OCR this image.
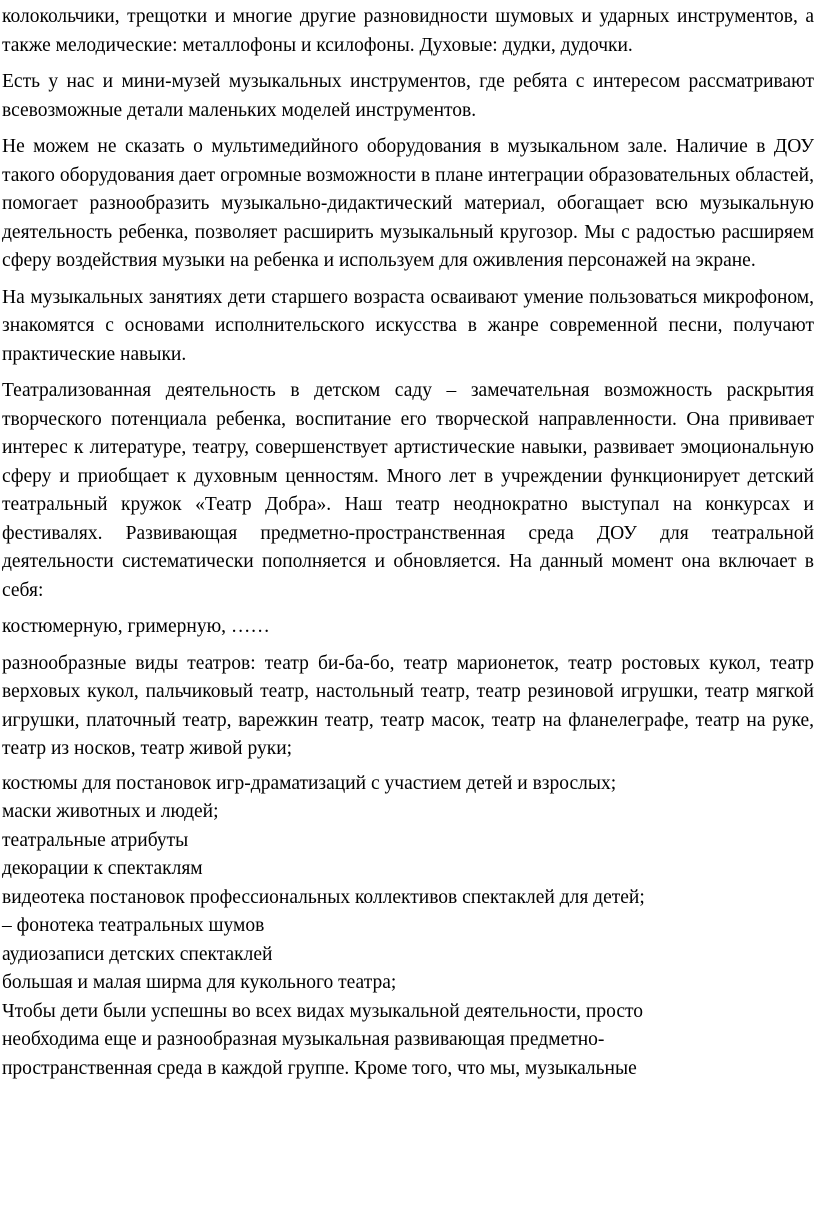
колокольчики, трещотки и многие другие разновидности шумовых и ударных инструментов, а также мелодические: металлофоны и ксилофоны. Духовые: дудки, дудочки.

Есть у нас и мини-музей музыкальных инструментов, где ребята с интересом рассматривают всевозможные детали маленьких моделей инструментов.

Не можем не сказать о мультимедийного оборудования в музыкальном зале. Наличие в ДОУ такого оборудования дает огромные возможности в плане интеграции образовательных областей, помогает разнообразить музыкально-дидактический материал, обогащает всю музыкальную деятельность ребенка, позволяет расширить музыкальный кругозор. Мы с радостью расширяем сферу воздействия музыки на ребенка и используем для оживления персонажей на экране.

На музыкальных занятиях дети старшего возраста осваивают умение пользоваться микрофоном, знакомятся с основами исполнительского искусства в жанре современной песни, получают практические навыки.

Театрализованная деятельность в детском саду – замечательная возможность раскрытия творческого потенциала ребенка, воспитание его творческой направленности. Она прививает интерес к литературе, театру, совершенствует артистические навыки, развивает эмоциональную сферу и приобщает к духовным ценностям. Много лет в учреждении функционирует детский театральный кружок «Театр Добра». Наш театр неоднократно выступал на конкурсах и фестивалях. Развивающая предметно-пространственная среда ДОУ для театральной деятельности систематически пополняется и обновляется. На данный момент она включает в себя:

костюмерную, гримерную, ……

разнообразные виды театров: театр би-ба-бо, театр марионеток, театр ростовых кукол, театр верховых кукол, пальчиковый театр, настольный театр, театр резиновой игрушки, театр мягкой игрушки, платочный театр, варежкин театр, театр масок, театр на фланелеграфе, театр на руке, театр из носков, театр живой руки;

костюмы для постановок игр-драматизаций с участием детей и взрослых;

маски животных и людей;

театральные атрибуты

декорации к спектаклям

видеотека постановок профессиональных коллективов спектаклей для детей;

– фонотека театральных шумов

аудиозаписи детских спектаклей

большая и малая ширма для кукольного театра;

Чтобы дети были успешны во всех видах музыкальной деятельности, просто

необходима еще и разнообразная музыкальная развивающая предметно-

пространственная среда в каждой группе. Кроме того, что мы, музыкальные
